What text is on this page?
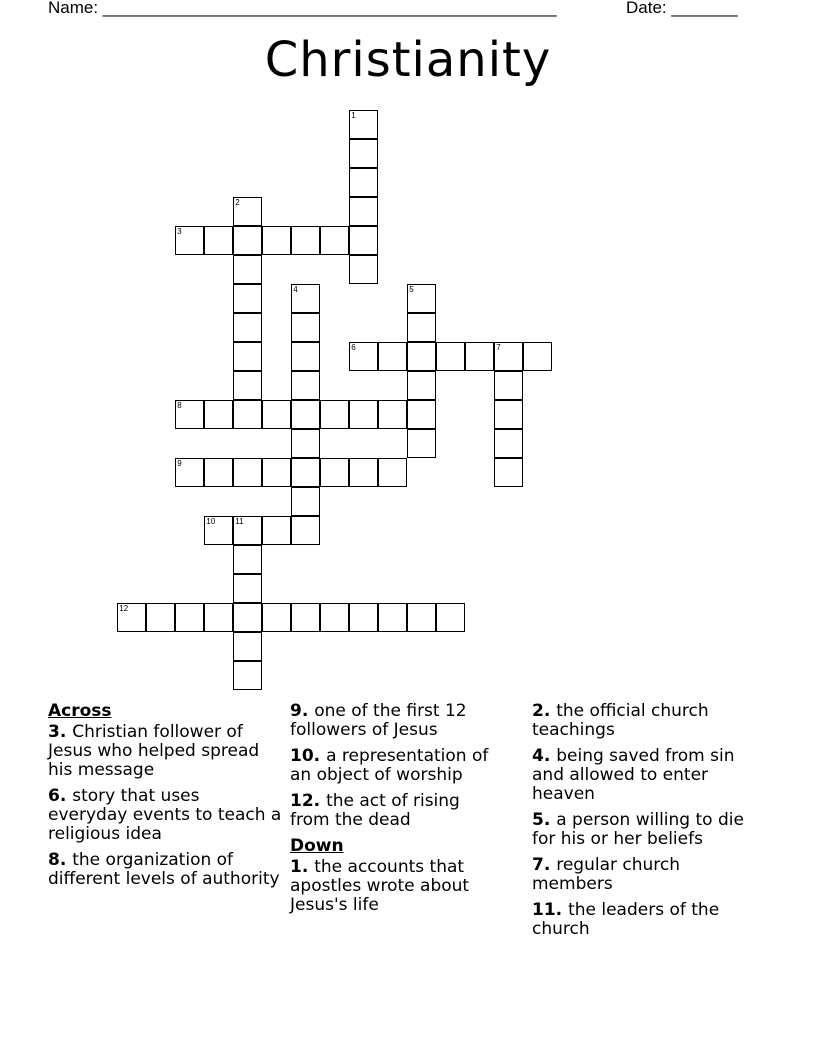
Name: ________________________________________________	Date: _______
Christianity
1
2
3
4	5
6	7
8
9
10	11
12
Across
3. Christian follower of Jesus who helped spread his message
6. story that uses everyday events to teach a religious idea
8. the organization of different levels of authority
9. one of the first 12 followers of Jesus
10. a representation of an object of worship
12. the act of rising from the dead
Down
1. the accounts that apostles wrote about Jesus's life
2. the official church teachings
4. being saved from sin and allowed to enter heaven
5. a person willing to die for his or her beliefs
7. regular church members
11. the leaders of the church
